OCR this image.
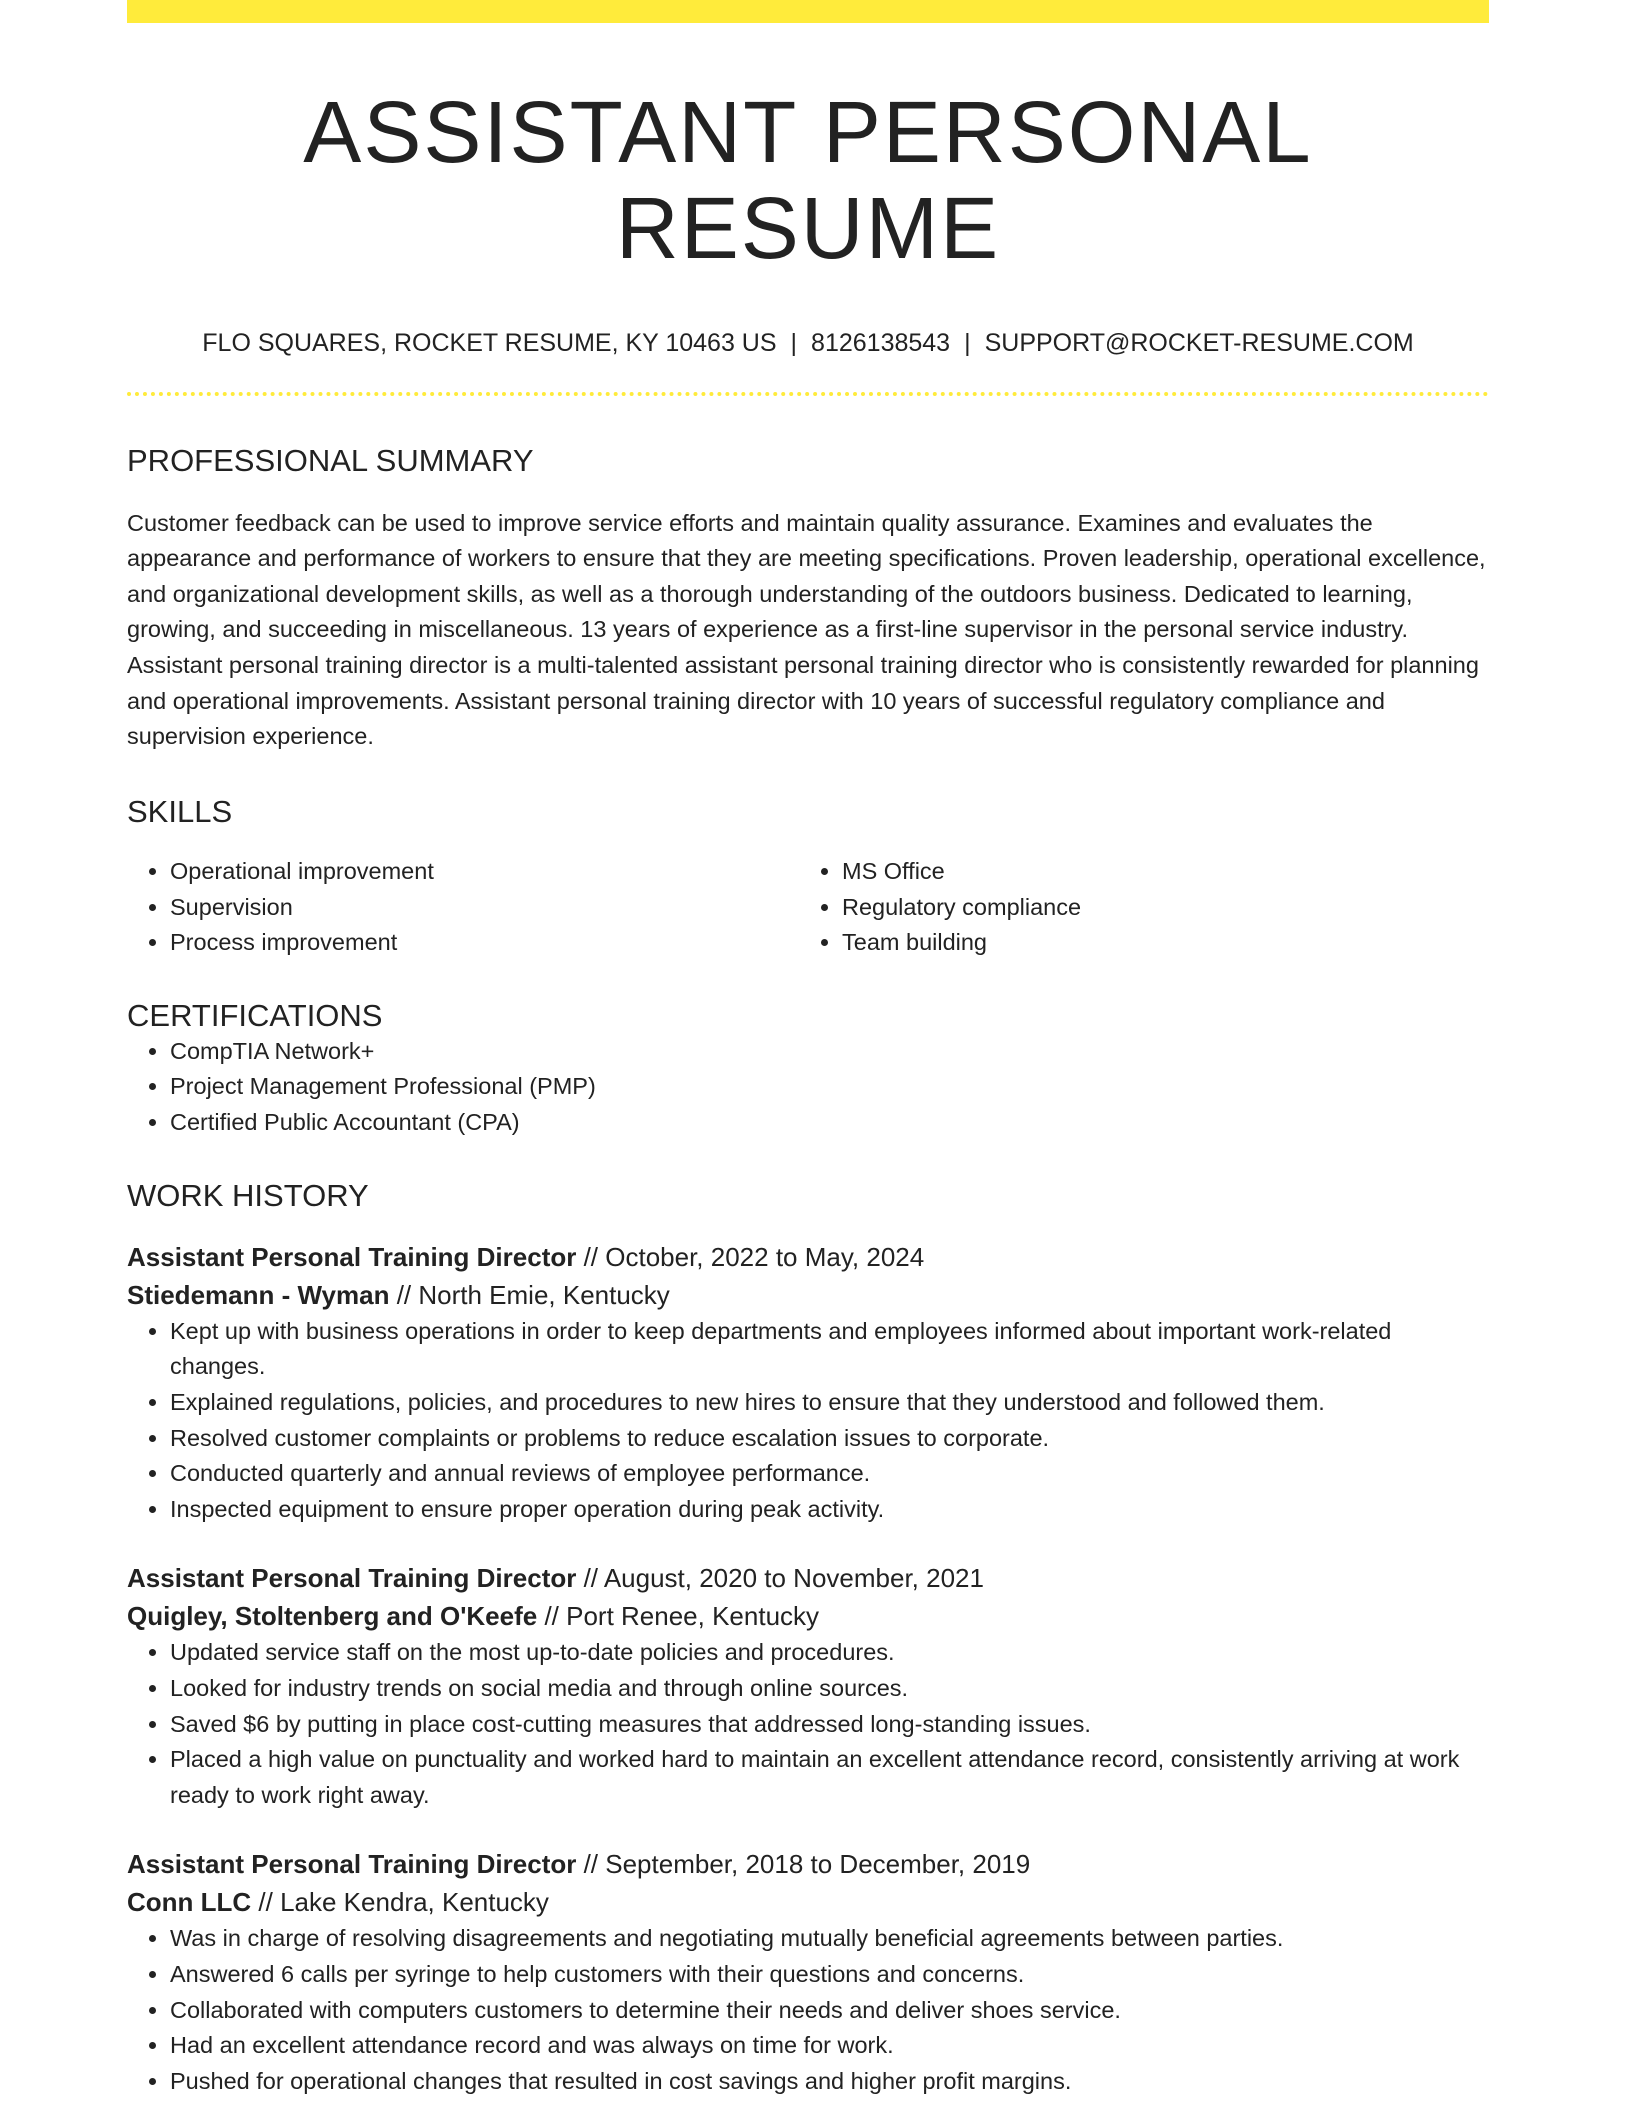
ASSISTANT PERSONAL RESUME
FLO SQUARES, ROCKET RESUME, KY 10463 US | 8126138543 | SUPPORT@ROCKET-RESUME.COM
PROFESSIONAL SUMMARY

Customer feedback can be used to improve service efforts and maintain quality assurance. Examines and evaluates the appearance and performance of workers to ensure that they are meeting specifications. Proven leadership, operational excellence, and organizational development skills, as well as a thorough understanding of the outdoors business. Dedicated to learning, growing, and succeeding in miscellaneous. 13 years of experience as a first-line supervisor in the personal service industry. Assistant personal training director is a multi-talented assistant personal training director who is consistently rewarded for planning and operational improvements. Assistant personal training director with 10 years of successful regulatory compliance and supervision experience.

SKILLS
• Operational improvement
• Supervision
• Process improvement
• MS Office
• Regulatory compliance
• Team building
CERTIFICATIONS
• CompTIA Network+
• Project Management Professional (PMP)
• Certified Public Accountant (CPA)
WORK HISTORY
Assistant Personal Training Director // October, 2022 to May, 2024
Stiedemann - Wyman // North Emie, Kentucky
• Kept up with business operations in order to keep departments and employees informed about important work-related changes.
• Explained regulations, policies, and procedures to new hires to ensure that they understood and followed them.
• Resolved customer complaints or problems to reduce escalation issues to corporate.
• Conducted quarterly and annual reviews of employee performance.
• Inspected equipment to ensure proper operation during peak activity.
Assistant Personal Training Director // August, 2020 to November, 2021
Quigley, Stoltenberg and O'Keefe // Port Renee, Kentucky
• Updated service staff on the most up-to-date policies and procedures.
• Looked for industry trends on social media and through online sources.
• Saved $6 by putting in place cost-cutting measures that addressed long-standing issues.
• Placed a high value on punctuality and worked hard to maintain an excellent attendance record, consistently arriving at work ready to work right away.
Assistant Personal Training Director // September, 2018 to December, 2019
Conn LLC // Lake Kendra, Kentucky
• Was in charge of resolving disagreements and negotiating mutually beneficial agreements between parties.
• Answered 6 calls per syringe to help customers with their questions and concerns.
• Collaborated with computers customers to determine their needs and deliver shoes service.
• Had an excellent attendance record and was always on time for work.
• Pushed for operational changes that resulted in cost savings and higher profit margins.
